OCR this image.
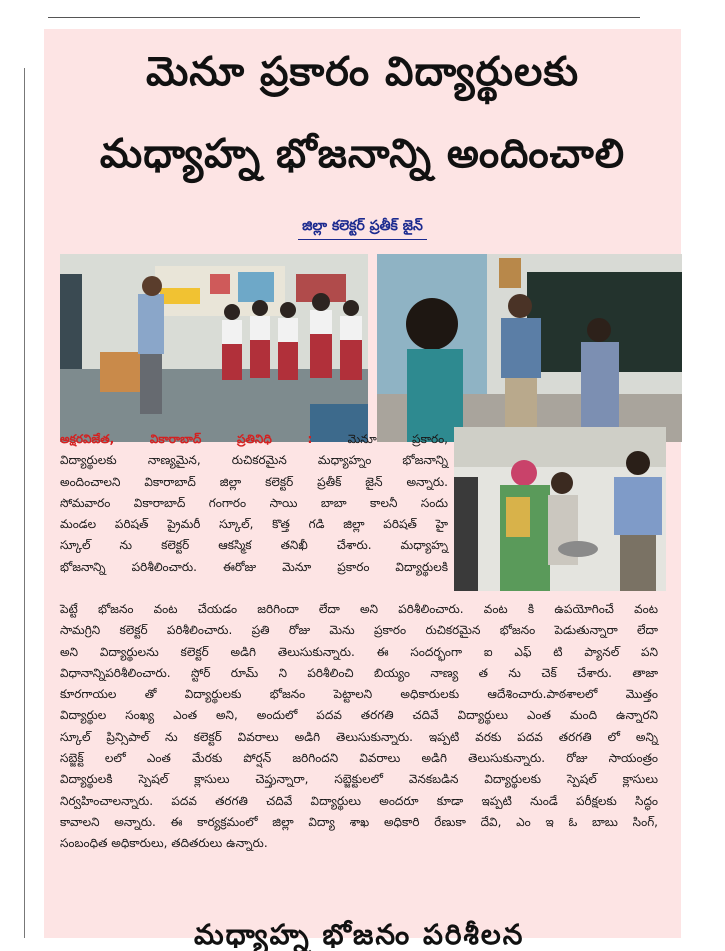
మెనూ ప్రకారం విద్యార్థులకు
మధ్యాహ్న భోజనాన్ని అందించాలి
జిల్లా కలెక్టర్ ప్రతీక్ జైన్
అక్షరవిజేత, వికారాబాద్ ప్రతినిధి :	మెనూ ప్రకారం,
విద్యార్థులకు నాణ్యమైన, రుచికరమైన మధ్యాహ్నం భోజనాన్ని
అందించాలని వికారాబాద్ జిల్లా కలెక్టర్ ప్రతీక్ జైన్ అన్నారు.
సోమవారం వికారాబాద్ గంగారం సాయి బాబా కాలనీ సందు
మండల పరిషత్ ప్రైమరీ స్కూల్, కొత్త గడి జిల్లా పరిషత్ హై
స్కూల్ ను కలెక్టర్ ఆకస్మిక తనిఖీ చేశారు. మధ్యాహ్న
భోజనాన్ని పరిశీలించారు. ఈరోజు మెనూ ప్రకారం విద్యార్థులకి
పెట్టే భోజనం వంట చేయడం జరిగిందా లేదా అని పరిశీలించారు. వంట కి ఉపయోగించే వంట
సామగ్రిని కలెక్టర్ పరిశీలించారు. ప్రతి రోజు మెను ప్రకారం రుచికరమైన భోజనం పెడుతున్నారా లేదా
అని విద్యార్థులను కలెక్టర్ అడిగి తెలుసుకున్నారు. ఈ సందర్భంగా ఐ ఎఫ్ టి ప్యానల్ పని
విధానాన్నిపరిశీలించారు. స్టోర్ రూమ్ ని పరిశీలించి బియ్యం నాణ్య త ను చెక్ చేశారు. తాజా
కూరగాయల తో విద్యార్థులకు భోజనం పెట్టాలని అధికారులకు ఆదేశించారు.పాఠశాలలో మొత్తం
విద్యార్థుల సంఖ్య ఎంత అని, అందులో పదవ తరగతి చదివే విద్యార్థులు ఎంత మంది ఉన్నారని
స్కూల్ ప్రిన్సిపాల్ ను కలెక్టర్ వివరాలు అడిగి తెలుసుకున్నారు. ఇప్పటి వరకు పదవ తరగతి లో అన్ని
సబ్జెక్ట్ లలో ఎంత మేరకు పోర్షన్ జరిగిందని వివరాలు అడిగి తెలుసుకున్నారు. రోజు సాయంత్రం
విద్యార్థులకి స్పెషల్ క్లాసులు చెప్తున్నారా, సబ్జెక్టులలో వెనకబడిన విద్యార్థులకు స్పెషల్ క్లాసులు
నిర్వహించాలన్నారు. పదవ తరగతి చదివే విద్యార్థులు అందరూ కూడా ఇప్పటి నుండే పరీక్షలకు సిద్ధం
కావాలని అన్నారు. ఈ కార్యక్రమంలో జిల్లా విద్యా శాఖ అధికారి రేణుకా దేవి, ఎం ఇ ఓ బాబు సింగ్,
సంబంధిత అధికారులు, తదితరులు ఉన్నారు.
మధ్యాహ్న భోజనం పరిశీలన
